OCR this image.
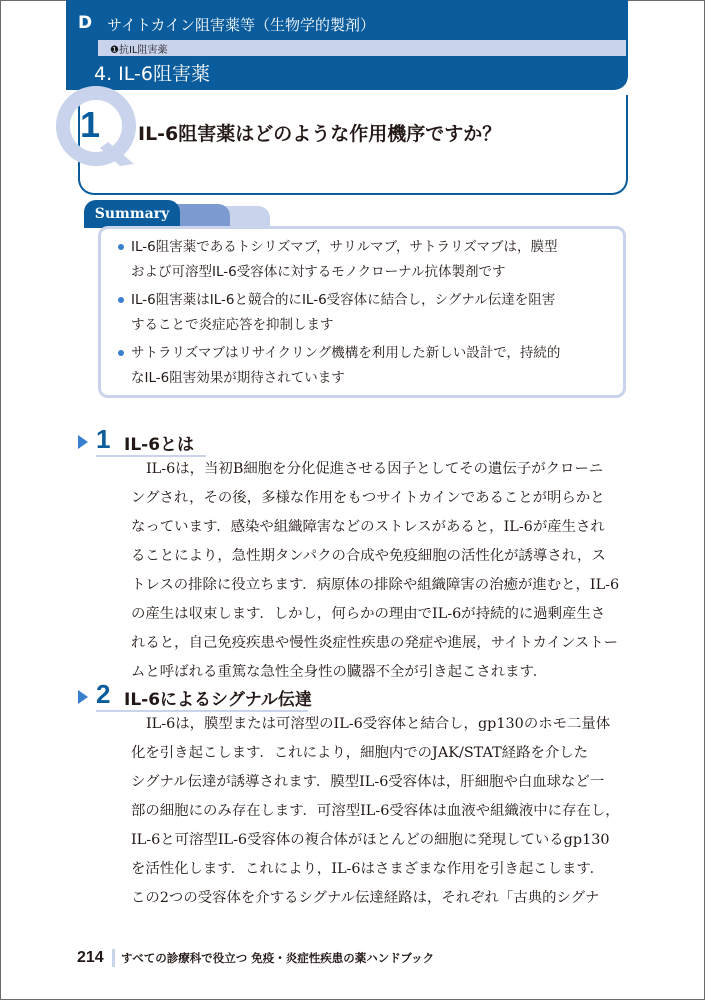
D サイトカイン阻害薬等（生物学的製剤）
❶抗IL阻害薬
4. IL-6阻害薬
1 IL-6阻害薬はどのような作用機序ですか？
Summary
IL-6阻害薬であるトシリズマブ，サリルマブ，サトラリズマブは，膜型
および可溶型IL-6受容体に対するモノクローナル抗体製剤です
IL-6阻害薬はIL-6と競合的にIL-6受容体に結合し，シグナル伝達を阻害
することで炎症応答を抑制します
サトラリズマブはリサイクリング機構を利用した新しい設計で，持続的
なIL-6阻害効果が期待されています
1 IL-6とは
IL-6は，当初B細胞を分化促進させる因子としてその遺伝子がクローニ
ングされ，その後，多様な作用をもつサイトカインであることが明らかと
なっています．感染や組織障害などのストレスがあると，IL-6が産生され
ることにより，急性期タンパクの合成や免疫細胞の活性化が誘導され，ス
トレスの排除に役立ちます．病原体の排除や組織障害の治癒が進むと，IL-6
の産生は収束します．しかし，何らかの理由でIL-6が持続的に過剰産生さ
れると，自己免疫疾患や慢性炎症性疾患の発症や進展，サイトカインストー
ムと呼ばれる重篤な急性全身性の臓器不全が引き起こされます．
2 IL-6によるシグナル伝達
IL-6は，膜型または可溶型のIL-6受容体と結合し，gp130のホモ二量体
化を引き起こします．これにより，細胞内でのJAK/STAT経路を介した
シグナル伝達が誘導されます．膜型IL-6受容体は，肝細胞や白血球など一
部の細胞にのみ存在します．可溶型IL-6受容体は血液や組織液中に存在し，
IL-6と可溶型IL-6受容体の複合体がほとんどの細胞に発現しているgp130
を活性化します．これにより，IL-6はさまざまな作用を引き起こします．
この2つの受容体を介するシグナル伝達経路は，それぞれ「古典的シグナ
214 すべての診療科で役立つ 免疫・炎症性疾患の薬ハンドブック
